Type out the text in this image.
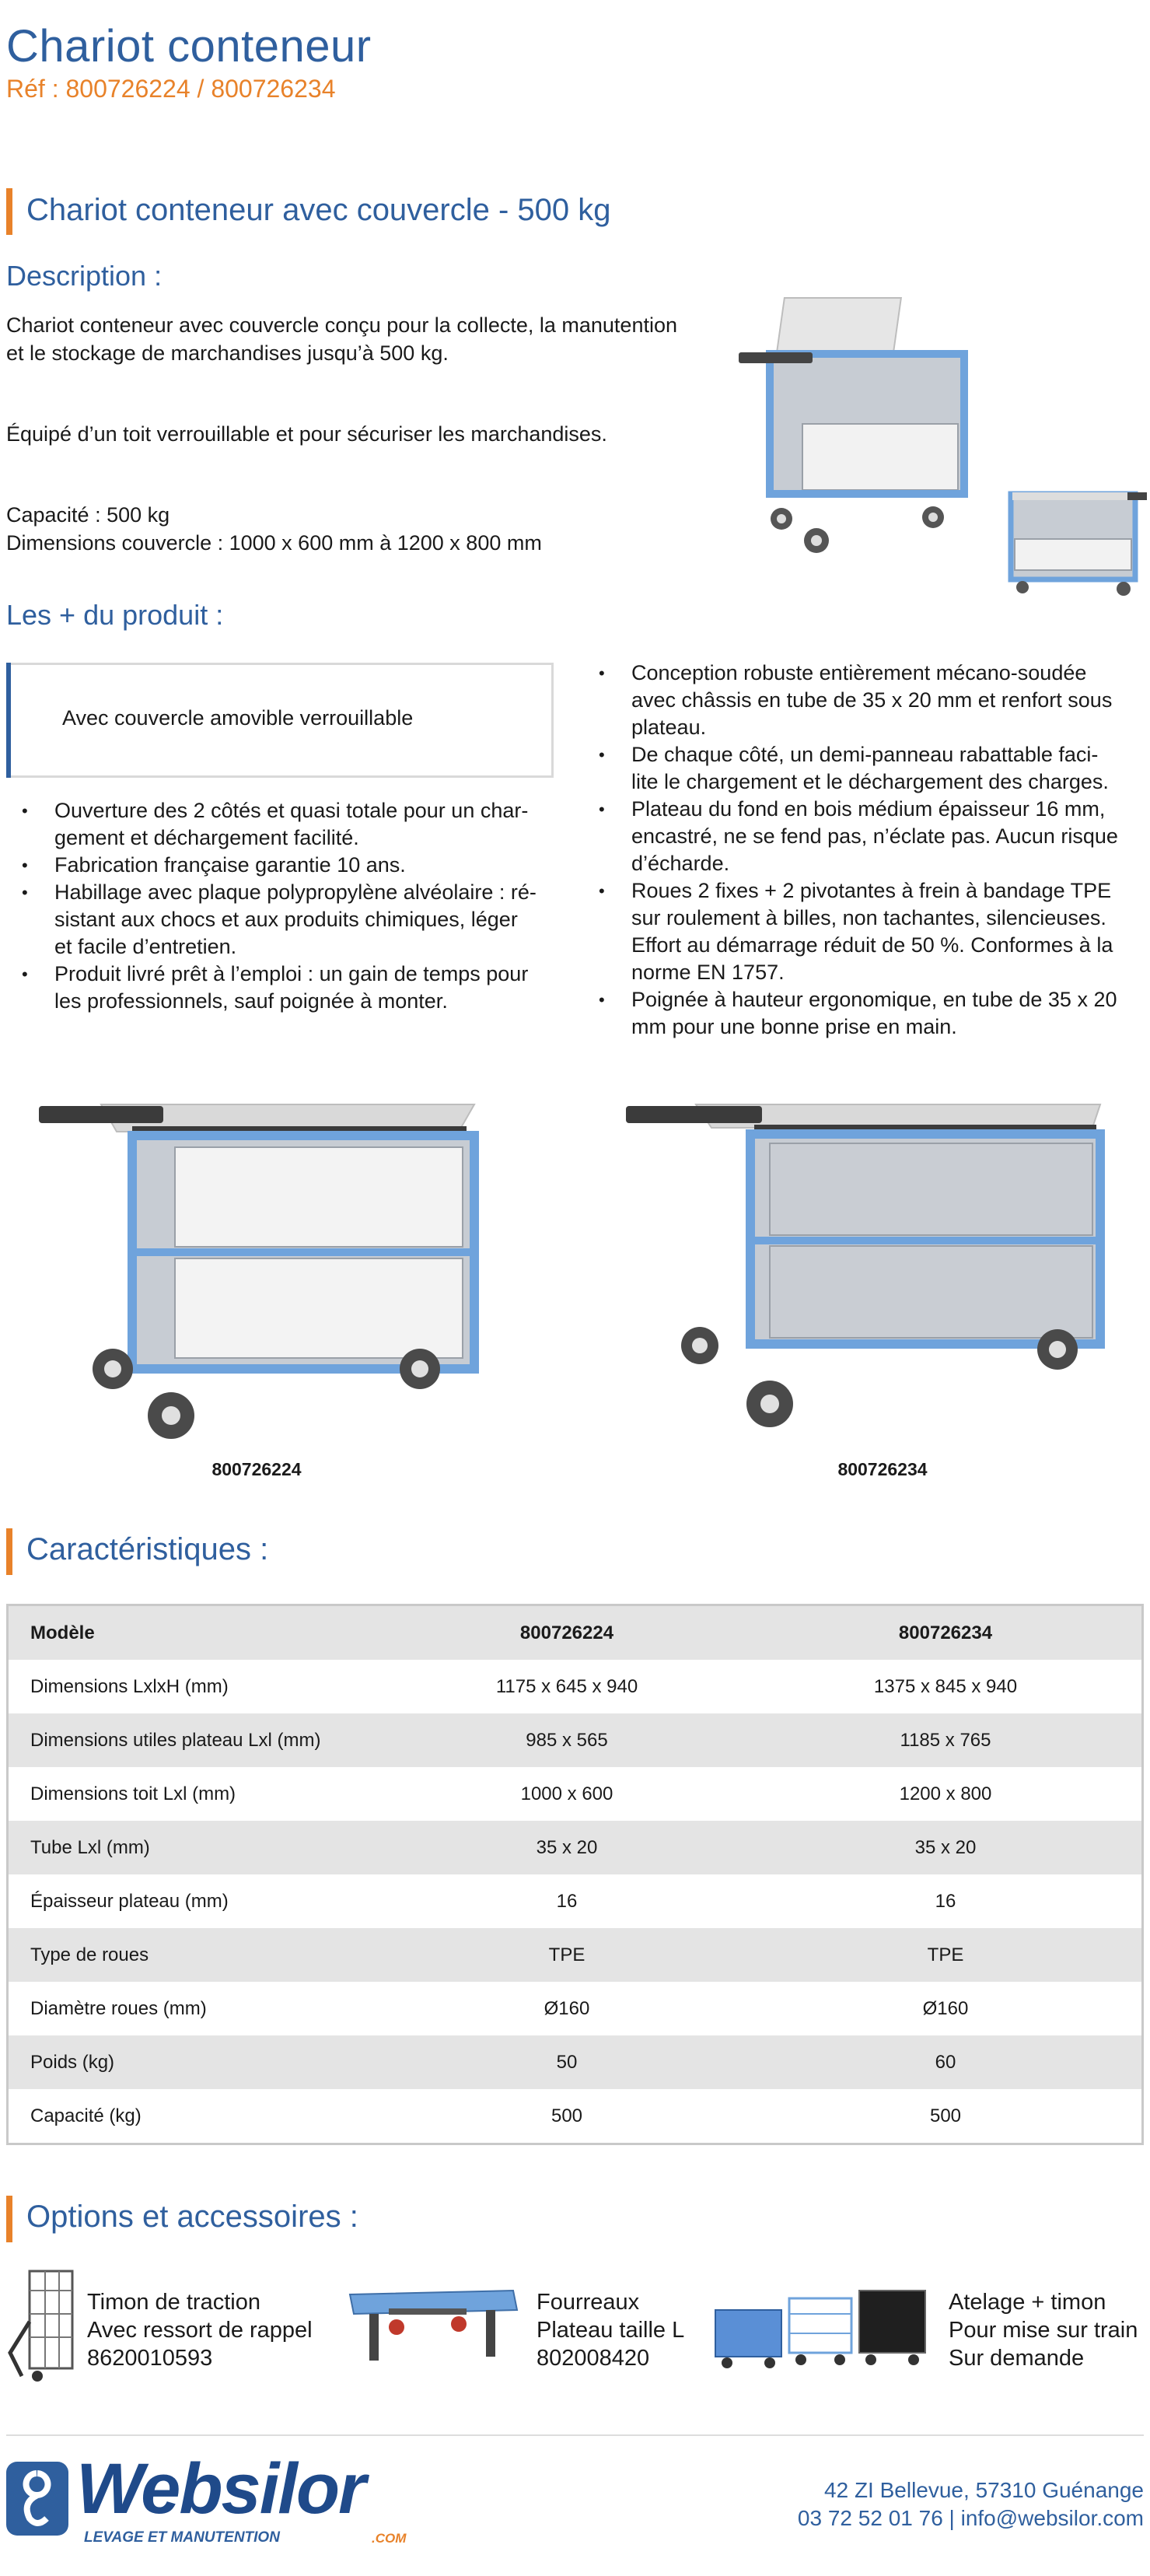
Chariot conteneur
Réf : 800726224 / 800726234
Chariot conteneur avec couvercle - 500 kg
Description :
Chariot conteneur avec couvercle conçu pour la collecte, la manutention
et le stockage de marchandises jusqu’à 500 kg.
Équipé d’un toit verrouillable et pour sécuriser les marchandises.
Capacité : 500 kg
Dimensions couvercle : 1000 x 600 mm à 1200 x 800 mm
Les + du produit :
Avec couvercle amovible verrouillable
• Ouverture des 2 côtés et quasi totale pour un char-
gement et déchargement facilité.
• Fabrication française garantie 10 ans.
• Habillage avec plaque polypropylène alvéolaire : ré-
sistant aux chocs et aux produits chimiques, léger
et facile d’entretien.
• Produit livré prêt à l’emploi : un gain de temps pour
les professionnels, sauf poignée à monter.
• Conception robuste entièrement mécano-soudée
avec châssis en tube de 35 x 20 mm et renfort sous
plateau.
• De chaque côté, un demi-panneau rabattable faci-
lite le chargement et le déchargement des charges.
• Plateau du fond en bois médium épaisseur 16 mm,
encastré, ne se fend pas, n’éclate pas. Aucun risque
d’écharde.
• Roues 2 fixes + 2 pivotantes à frein à bandage TPE
sur roulement à billes, non tachantes, silencieuses.
Effort au démarrage réduit de 50 %. Conformes à la
norme EN 1757.
• Poignée à hauteur ergonomique, en tube de 35 x 20
mm pour une bonne prise en main.
800726224	800726234
Caractéristiques :
Modèle	800726224	800726234
Dimensions LxlxH (mm)	1175 x 645 x 940	1375 x 845 x 940
Dimensions utiles plateau Lxl (mm)	985 x 565	1185 x 765
Dimensions toit Lxl (mm)	1000 x 600	1200 x 800
Tube Lxl (mm)	35 x 20	35 x 20
Épaisseur plateau (mm)	16	16
Type de roues	TPE	TPE
Diamètre roues (mm)	Ø160	Ø160
Poids (kg)	50	60
Capacité (kg)	500	500
Options et accessoires :
Timon de traction
Avec ressort de rappel
8620010593
Fourreaux
Plateau taille L
802008420
Atelage + timon
Pour mise sur train
Sur demande
Websilor
LEVAGE ET MANUTENTION	.COM
42 ZI Bellevue, 57310 Guénange
03 72 52 01 76 | info@websilor.com
